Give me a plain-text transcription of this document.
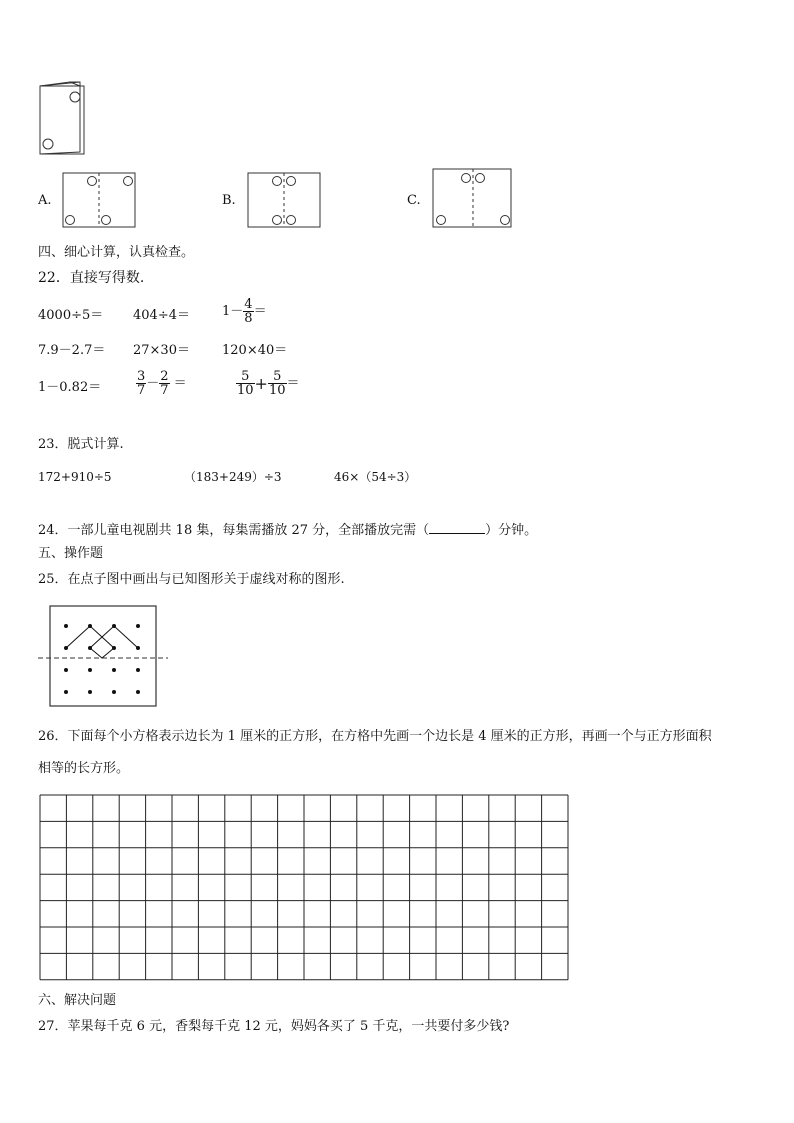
A.	B.	C.
四、细心计算，认真检查。
22．直接写得数.
$4000\div 5= 404\div 4= 1- \frac{4}{8}$ ＝
7.9－2.7＝ 27×30＝ 120×40＝
1－0.82＝	$\frac{3}{7} - \frac{2}{7}$ ＝	$\frac{5}{10} + \frac{5}{10}$ ＝
23．脱式计算.
172+910÷5	（183+249）÷3	46×（54÷3）
24．一部儿童电视剧共 18 集，每集需播放 27 分，全部播放完需（	）分钟。
五、操作题
25．在点子图中画出与已知图形关于虚线对称的图形.
26．下面每个小方格表示边长为 1 厘米的正方形，在方格中先画一个边长是 4 厘米的正方形，再画一个与正方形面积
相等的长方形。
六、解决问题
27．苹果每千克 6 元，香梨每千克 12 元，妈妈各买了 5 千克，一共要付多少钱?
